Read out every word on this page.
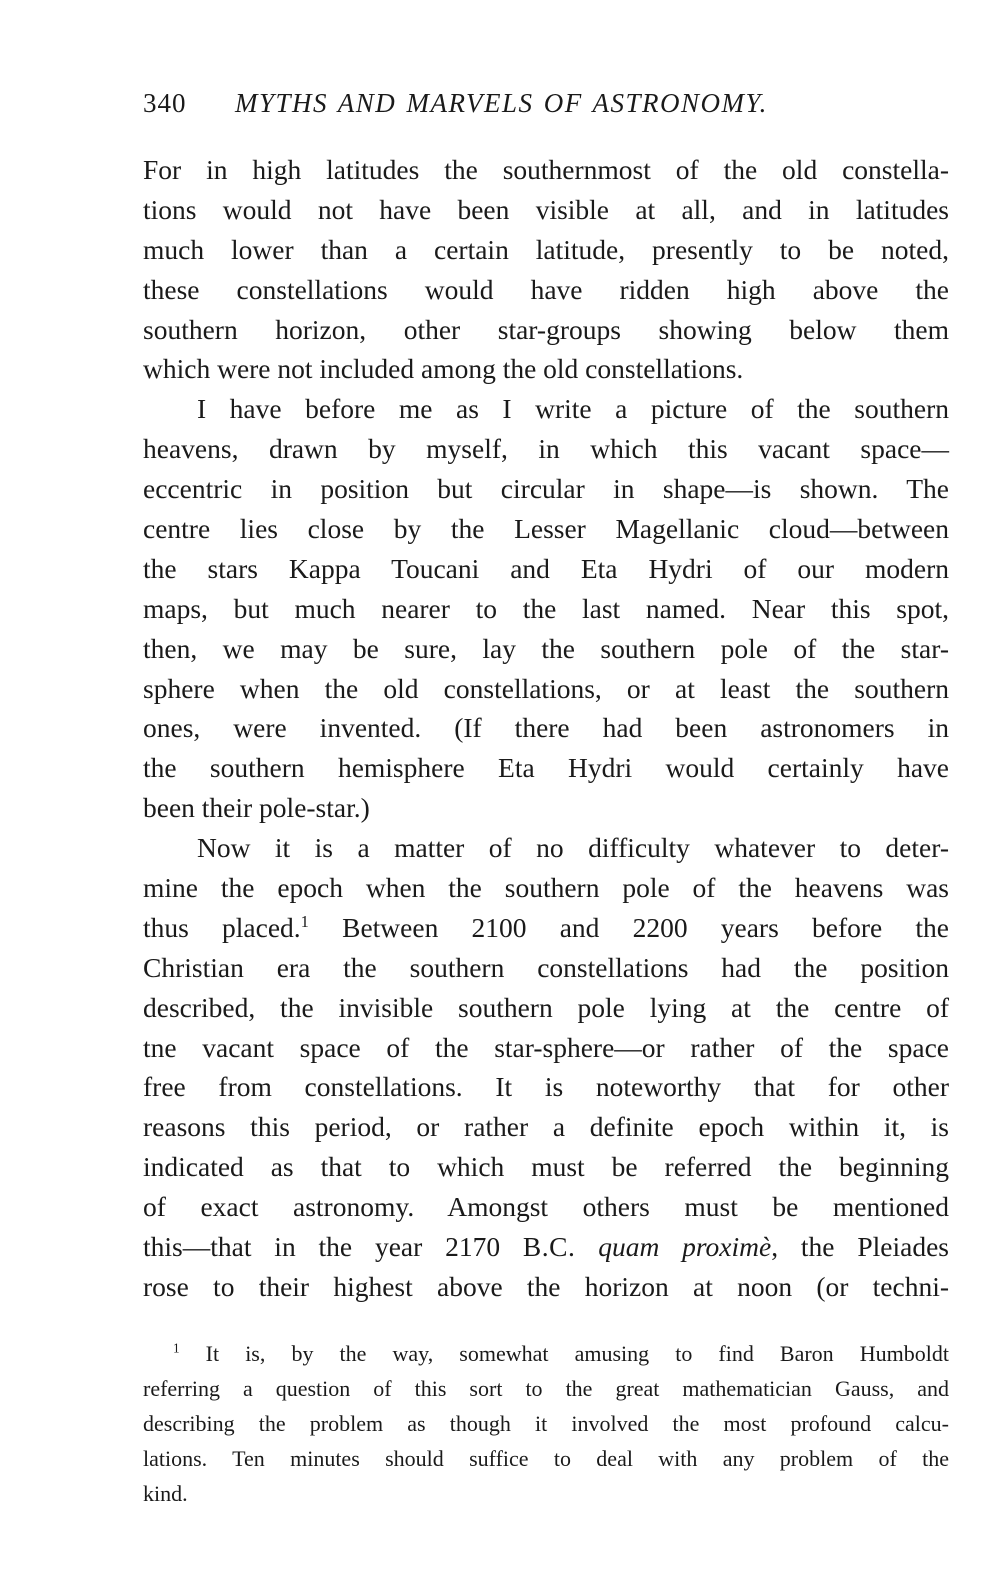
340 MYTHS AND MARVELS OF ASTRONOMY.
For in high latitudes the southernmost of the old constella-
tions would not have been visible at all, and in latitudes
much lower than a certain latitude, presently to be noted,
these constellations would have ridden high above the
southern horizon, other star-groups showing below them
which were not included among the old constellations.
I have before me as I write a picture of the southern
heavens, drawn by myself, in which this vacant space—
eccentric in position but circular in shape—is shown. The
centre lies close by the Lesser Magellanic cloud—between
the stars Kappa Toucani and Eta Hydri of our modern
maps, but much nearer to the last named. Near this spot,
then, we may be sure, lay the southern pole of the star-
sphere when the old constellations, or at least the southern
ones, were invented. (If there had been astronomers in
the southern hemisphere Eta Hydri would certainly have
been their pole-star.)
Now it is a matter of no difficulty whatever to deter-
mine the epoch when the southern pole of the heavens was
thus placed.$^1$ Between 2100 and 2200 years before the
Christian era the southern constellations had the position
described, the invisible southern pole lying at the centre of
tne vacant space of the star-sphere—or rather of the space
free from constellations. It is noteworthy that for other
reasons this period, or rather a definite epoch within it, is
indicated as that to which must be referred the beginning
of exact astronomy. Amongst others must be mentioned
this—that in the year 2170 B.C. quam proximè, the Pleiades
rose to their highest above the horizon at noon (or techni-
$^1$ It is, by the way, somewhat amusing to find Baron Humboldt
referring a question of this sort to the great mathematician Gauss, and
describing the problem as though it involved the most profound calcu-
lations. Ten minutes should suffice to deal with any problem of the
kind.
